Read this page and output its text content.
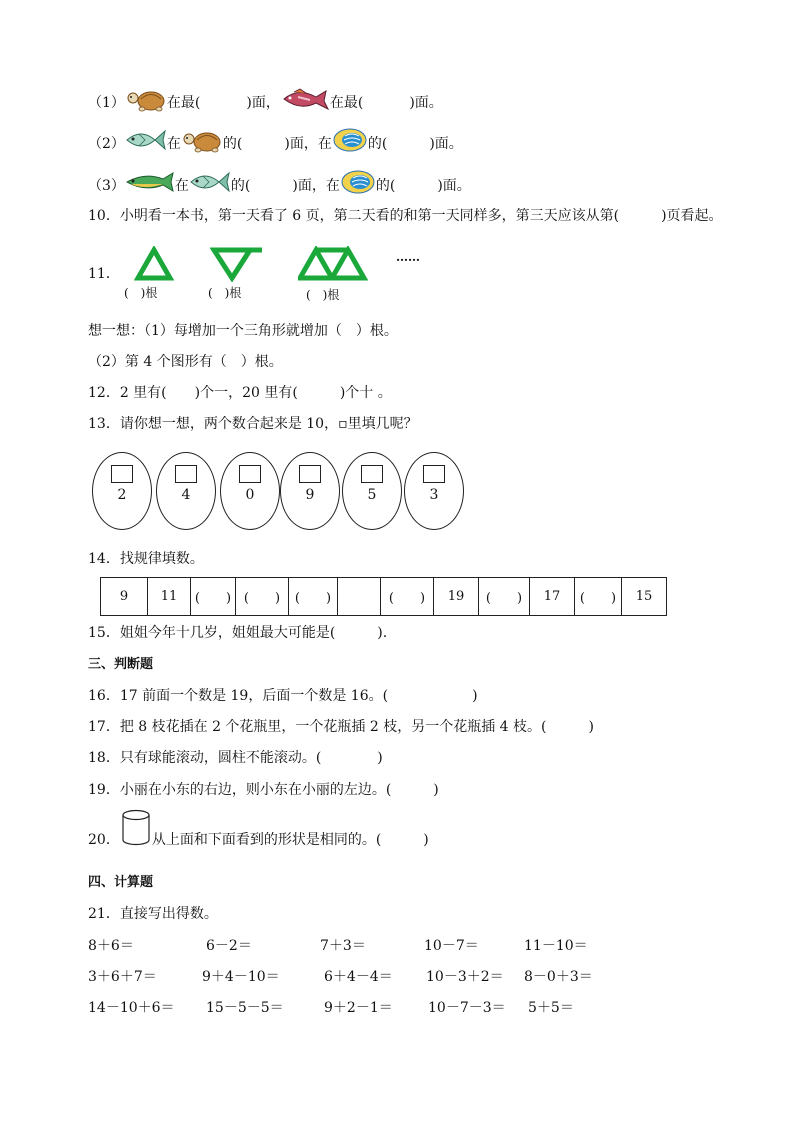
（1）	在最(	)面，	在最(	)面。
（2）	在	的(	)面，在	的(	)面。
（3）	在	的(	)面，在	的(	)面。
10．小明看一本书，第一天看了 6 页，第二天看的和第一天同样多，第三天应该从第(　　　)页看起。
11．
(　)根	(　)根	(　)根
……
想一想：（1）每增加一个三角形就增加（　）根。
（2）第 4 个图形有（　）根。
12．2 里有(　　)个一，20 里有(　　　)个十 。
13．请你想一想，两个数合起来是 10，▫里填几呢？
2	4	0	9	5	3
14．找规律填数。
9	11	(　　)	(　　)	(　　)		(　　)	19	(　　)	17	(　　)	15
15．姐姐今年十几岁，姐姐最大可能是(　　　).
三、判断题
16．17 前面一个数是 19，后面一个数是 16。(　　　　　　)
17．把 8 枝花插在 2 个花瓶里，一个花瓶插 2 枝，另一个花瓶插 4 枝。(　　　)
18．只有球能滚动，圆柱不能滚动。(　　　　)
19．小丽在小东的右边，则小东在小丽的左边。(　　　)
20． 从上面和下面看到的形状是相同的。(　　　)
四、计算题
21．直接写出得数。
8＋6＝	6－2＝	7＋3＝	10－7＝	11－10＝
3＋6＋7＝	9＋4－10＝	6＋4－4＝ 10－3＋2＝ 8－0＋3＝
14－10＋6＝ 15－5－5＝	9＋2－1＝	10－7－3＝ 5＋5＝
